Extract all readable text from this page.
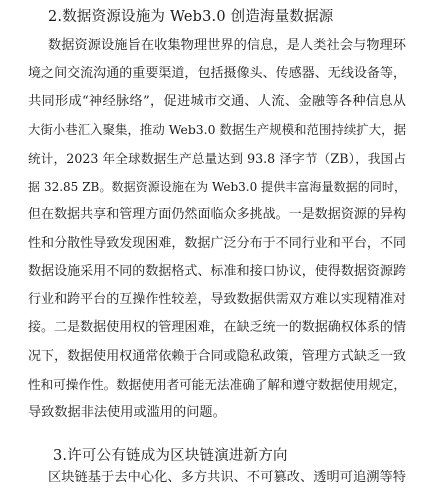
2.数据资源设施为 Web3.0 创造海量数据源
数据资源设施旨在收集物理世界的信息，是人类社会与物理环
境之间交流沟通的重要渠道，包括摄像头、传感器、无线设备等，
共同形成“神经脉络”，促进城市交通、人流、金融等各种信息从
大街小巷汇入聚集，推动 Web3.0 数据生产规模和范围持续扩大，据
统计，2023 年全球数据生产总量达到 93.8 泽字节（ZB），我国占
据 32.85 ZB。数据资源设施在为 Web3.0 提供丰富海量数据的同时，
但在数据共享和管理方面仍然面临众多挑战。一是数据资源的异构
性和分散性导致发现困难，数据广泛分布于不同行业和平台，不同
数据设施采用不同的数据格式、标准和接口协议，使得数据资源跨
行业和跨平台的互操作性较差，导致数据供需双方难以实现精准对
接。二是数据使用权的管理困难，在缺乏统一的数据确权体系的情
况下，数据使用权通常依赖于合同或隐私政策，管理方式缺乏一致
性和可操作性。数据使用者可能无法准确了解和遵守数据使用规定，
导致数据非法使用或滥用的问题。
3.许可公有链成为区块链演进新方向
区块链基于去中心化、多方共识、不可篡改、透明可追溯等特
